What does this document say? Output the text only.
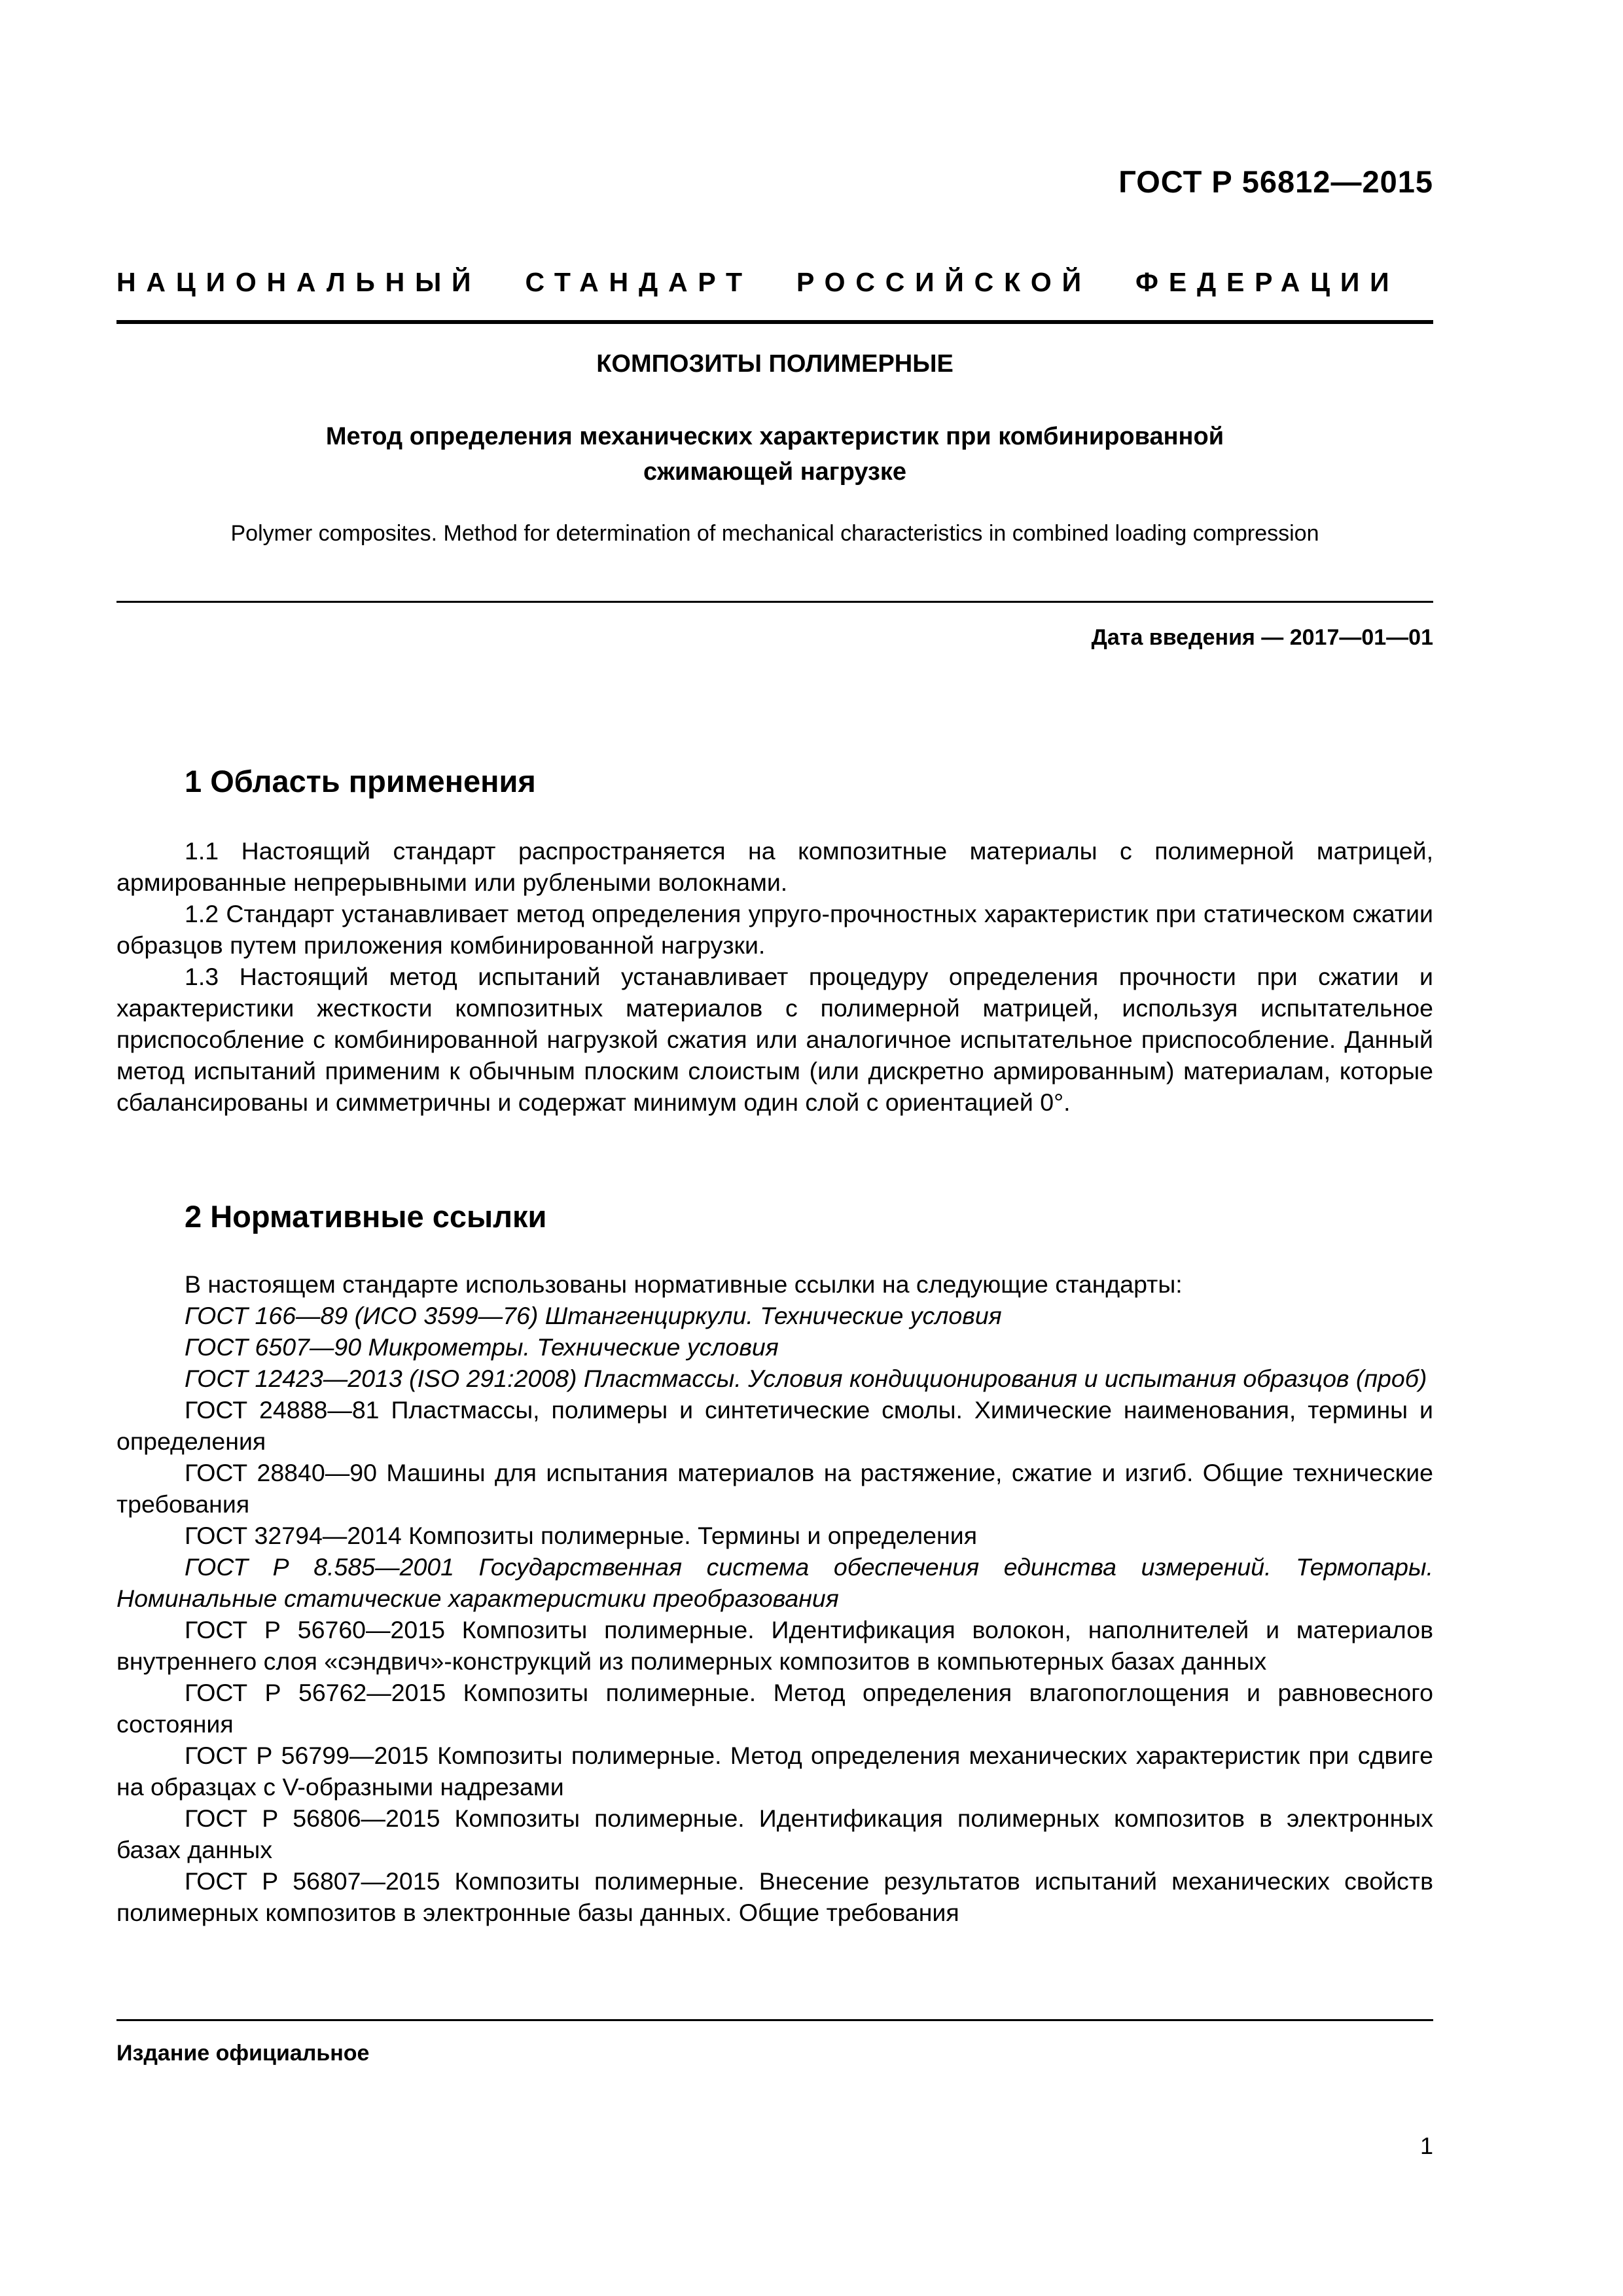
ГОСТ Р 56812—2015
НАЦИОНАЛЬНЫЙ СТАНДАРТ РОССИЙСКОЙ ФЕДЕРАЦИИ
КОМПОЗИТЫ ПОЛИМЕРНЫЕ
Метод определения механических характеристик при комбинированной
сжимающей нагрузке
Polymer composites. Method for determination of mechanical characteristics in combined loading compression
Дата введения — 2017—01—01
1 Область применения

1.1 Настоящий стандарт распространяется на композитные материалы с полимерной матрицей, армированные непрерывными или рублеными волокнами.

1.2 Стандарт устанавливает метод определения упруго-прочностных характеристик при статическом сжатии образцов путем приложения комбинированной нагрузки.

1.3 Настоящий метод испытаний устанавливает процедуру определения прочности при сжатии и характеристики жесткости композитных материалов с полимерной матрицей, используя испытательное приспособление с комбинированной нагрузкой сжатия или аналогичное испытательное приспособление. Данный метод испытаний применим к обычным плоским слоистым (или дискретно армированным) материалам, которые сбалансированы и симметричны и содержат минимум один слой с ориентацией 0°.

2 Нормативные ссылки

В настоящем стандарте использованы нормативные ссылки на следующие стандарты:

ГОСТ 166—89 (ИСО 3599—76) Штангенциркули. Технические условия

ГОСТ 6507—90 Микрометры. Технические условия

ГОСТ 12423—2013 (ISO 291:2008) Пластмассы. Условия кондиционирования и испытания образцов (проб)

ГОСТ 24888—81 Пластмассы, полимеры и синтетические смолы. Химические наименования, термины и определения

ГОСТ 28840—90 Машины для испытания материалов на растяжение, сжатие и изгиб. Общие технические требования

ГОСТ 32794—2014 Композиты полимерные. Термины и определения

ГОСТ Р 8.585—2001 Государственная система обеспечения единства измерений. Термопары. Номинальные статические характеристики преобразования

ГОСТ Р 56760—2015 Композиты полимерные. Идентификация волокон, наполнителей и материалов внутреннего слоя «сэндвич»-конструкций из полимерных композитов в компьютерных базах данных

ГОСТ Р 56762—2015 Композиты полимерные. Метод определения влагопоглощения и равновесного состояния

ГОСТ Р 56799—2015 Композиты полимерные. Метод определения механических характеристик при сдвиге на образцах с V-образными надрезами

ГОСТ Р 56806—2015 Композиты полимерные. Идентификация полимерных композитов в электронных базах данных

ГОСТ Р 56807—2015 Композиты полимерные. Внесение результатов испытаний механических свойств полимерных композитов в электронные базы данных. Общие требования

Издание официальное
1
